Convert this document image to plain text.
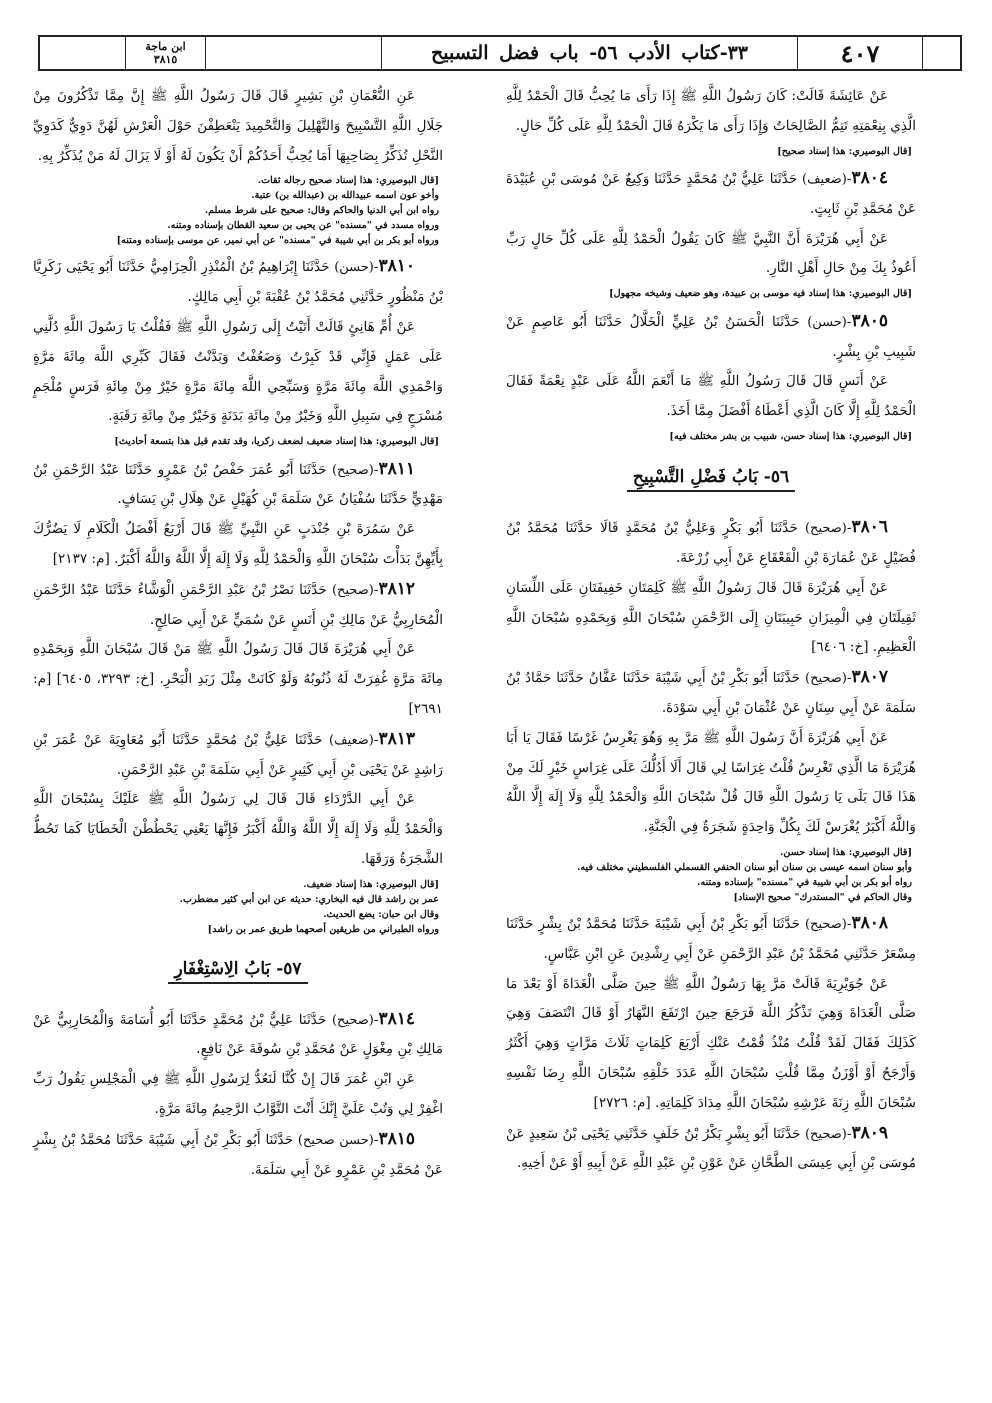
٤٠٧
٣٣-كتاب الأدب ٥٦- باب فضل التسبيح
ابن ماجة
٣٨١٥

عَنْ عَائِشَةَ قَالَتْ: كَانَ رَسُولُ اللَّهِ ﷺ إِذَا رَأَى مَا يُحِبُّ قَالَ الْحَمْدُ لِلَّهِ الَّذِي بِنِعْمَتِهِ تَتِمُّ الصَّالِحَاتُ وَإِذَا رَأَى مَا يَكْرَهُ قَالَ الْحَمْدُ لِلَّهِ عَلَى كُلِّ حَالٍ.

[قال البوصيري: هذا إسناد صحيح]

٣٨٠٤-(ضعيف) حَدَّثَنَا عَلِيُّ بْنُ مُحَمَّدٍ حَدَّثَنَا وَكِيعٌ عَنْ مُوسَى بْنِ عُبَيْدَةَ عَنْ مُحَمَّدِ بْنِ ثَابِتٍ.

عَنْ أَبِي هُرَيْرَةَ أَنَّ النَّبِيَّ ﷺ كَانَ يَقُولُ الْحَمْدُ لِلَّهِ عَلَى كُلِّ حَالٍ رَبِّ أَعُوذُ بِكَ مِنْ حَالِ أَهْلِ النَّارِ.

[قال البوصيري: هذا إسناد فيه موسى بن عبيدة، وهو ضعيف وشيخه مجهول]

٣٨٠٥-(حسن) حَدَّثَنَا الْحَسَنُ بْنُ عَلِيٍّ الْخَلَّالُ حَدَّثَنَا أَبُو عَاصِمٍ عَنْ شَبِيبِ بْنِ بِشْرٍ.

عَنْ أَنَسٍ قَالَ قَالَ رَسُولُ اللَّهِ ﷺ مَا أَنْعَمَ اللَّهُ عَلَى عَبْدٍ نِعْمَةً فَقَالَ الْحَمْدُ لِلَّهِ إِلَّا كَانَ الَّذِي أَعْطَاهُ أَفْضَلَ مِمَّا أَخَذَ.

[قال البوصيري: هذا إسناد حسن، شبيب بن بشر مختلف فيه]
٥٦- بَابُ فَضْلِ التَّسْبِيحِ

٣٨٠٦-(صحيح) حَدَّثَنَا أَبُو بَكْرٍ وَعَلِيُّ بْنُ مُحَمَّدٍ قَالَا حَدَّثَنَا مُحَمَّدُ بْنُ فُضَيْلٍ عَنْ عُمَارَةَ بْنِ الْقَعْقَاعِ عَنْ أَبِي زُرْعَةَ.

عَنْ أَبِي هُرَيْرَةَ قَالَ قَالَ رَسُولُ اللَّهِ ﷺ كَلِمَتَانِ خَفِيفَتَانِ عَلَى اللِّسَانِ ثَقِيلَتَانِ فِي الْمِيزَانِ حَبِيبَتَانِ إِلَى الرَّحْمَنِ سُبْحَانَ اللَّهِ وَبِحَمْدِهِ سُبْحَانَ اللَّهِ الْعَظِيمِ. [خ: ٦٤٠٦]

٣٨٠٧-(صحيح) حَدَّثَنَا أَبُو بَكْرِ بْنُ أَبِي شَيْبَةَ حَدَّثَنَا عَفَّانُ حَدَّثَنَا حَمَّادُ بْنُ سَلَمَةَ عَنْ أَبِي سِنَانٍ عَنْ عُثْمَانَ بْنِ أَبِي سَوْدَةَ.

عَنْ أَبِي هُرَيْرَةَ أَنَّ رَسُولَ اللَّهِ ﷺ مَرَّ بِهِ وَهُوَ يَغْرِسُ غَرْسًا فَقَالَ يَا أَبَا هُرَيْرَةَ مَا الَّذِي تَغْرِسُ قُلْتُ غِرَاسًا لِي قَالَ أَلَا أَدُلُّكَ عَلَى غِرَاسٍ خَيْرٍ لَكَ مِنْ هَذَا قَالَ بَلَى يَا رَسُولَ اللَّهِ قَالَ قُلْ سُبْحَانَ اللَّهِ وَالْحَمْدُ لِلَّهِ وَلَا إِلَهَ إِلَّا اللَّهُ وَاللَّهُ أَكْبَرُ يُغْرَسْ لَكَ بِكُلِّ وَاحِدَةٍ شَجَرَةٌ فِي الْجَنَّةِ.

[قال البوصيري: هذا إسناد حسن.
وأبو سنان اسمه عيسى بن سنان أبو سنان الحنفي القسملي الفلسطيني مختلف فيه.
رواه أبو بكر بن أبي شيبة في "مسنده" بإسناده ومتنه.
وقال الحاكم في "المستدرك" صحيح الإسناد]

٣٨٠٨-(صحيح) حَدَّثَنَا أَبُو بَكْرِ بْنُ أَبِي شَيْبَةَ حَدَّثَنَا مُحَمَّدُ بْنُ بِشْرٍ حَدَّثَنَا مِسْعَرٌ حَدَّثَنِي مُحَمَّدُ بْنُ عَبْدِ الرَّحْمَنِ عَنْ أَبِي رِشْدِينَ عَنِ ابْنِ عَبَّاسٍ.

عَنْ جُوَيْرِيَةَ قَالَتْ مَرَّ بِهَا رَسُولُ اللَّهِ ﷺ حِينَ صَلَّى الْغَدَاةَ أَوْ بَعْدَ مَا صَلَّى الْغَدَاةَ وَهِيَ تَذْكُرُ اللَّهَ فَرَجَعَ حِينَ ارْتَفَعَ النَّهَارُ أَوْ قَالَ انْتَصَفَ وَهِيَ كَذَلِكَ فَقَالَ لَقَدْ قُلْتُ مُنْذُ قُمْتُ عَنْكِ أَرْبَعَ كَلِمَاتٍ ثَلَاثَ مَرَّاتٍ وَهِيَ أَكْثَرُ وَأَرْجَحُ أَوْ أَوْزَنُ مِمَّا قُلْتِ سُبْحَانَ اللَّهِ عَدَدَ خَلْقِهِ سُبْحَانَ اللَّهِ رِضَا نَفْسِهِ سُبْحَانَ اللَّهِ زِنَةَ عَرْشِهِ سُبْحَانَ اللَّهِ مِدَادَ كَلِمَاتِهِ. [م: ٢٧٢٦]

٣٨٠٩-(صحيح) حَدَّثَنَا أَبُو بِشْرٍ بَكْرُ بْنُ خَلَفٍ حَدَّثَنِي يَحْيَى بْنُ سَعِيدٍ عَنْ مُوسَى بْنِ أَبِي عِيسَى الطَّحَّانِ عَنْ عَوْنِ بْنِ عَبْدِ اللَّهِ عَنْ أَبِيهِ أَوْ عَنْ أَخِيهِ.

عَنِ النُّعْمَانِ بْنِ بَشِيرٍ قَالَ قَالَ رَسُولُ اللَّهِ ﷺ إِنَّ مِمَّا تَذْكُرُونَ مِنْ جَلَالِ اللَّهِ التَّسْبِيحَ وَالتَّهْلِيلَ وَالتَّحْمِيدَ يَنْعَطِفْنَ حَوْلَ الْعَرْشِ لَهُنَّ دَوِيٌّ كَدَوِيِّ النَّحْلِ تُذَكِّرُ بِصَاحِبِهَا أَمَا يُحِبُّ أَحَدُكُمْ أَنْ يَكُونَ لَهُ أَوْ لَا يَزَالَ لَهُ مَنْ يُذَكِّرُ بِهِ.

[قال البوصيري: هذا إسناد صحيح رجاله ثقات.
وأخو عون اسمه عبيدالله بن (عبدالله بن) عتبة.
رواه ابن أبي الدنيا والحاكم وقال: صحيح على شرط مسلم.
ورواه مسدد في "مسنده" عن يحيى بن سعيد القطان بإسناده ومتنه.
ورواه أبو بكر بن أبي شيبة في "مسنده" عن أبي نمير، عن موسى بإسناده ومتنه]

٣٨١٠-(حسن) حَدَّثَنَا إِبْرَاهِيمُ بْنُ الْمُنْذِرِ الْحِزَامِيُّ حَدَّثَنَا أَبُو يَحْيَى زَكَرِيَّا بْنُ مَنْظُورٍ حَدَّثَنِي مُحَمَّدُ بْنُ عُقْبَةَ بْنِ أَبِي مَالِكٍ.

عَنْ أُمِّ هَانِئٍ قَالَتْ أَتَيْتُ إِلَى رَسُولِ اللَّهِ ﷺ فَقُلْتُ يَا رَسُولَ اللَّهِ دُلَّنِي عَلَى عَمَلٍ فَإِنِّي قَدْ كَبِرْتُ وَضَعُفْتُ وَبَدَّنْتُ فَقَالَ كَبِّرِي اللَّهَ مِائَةَ مَرَّةٍ وَاحْمَدِي اللَّهَ مِائَةَ مَرَّةٍ وَسَبِّحِي اللَّهَ مِائَةَ مَرَّةٍ خَيْرٌ مِنْ مِائَةِ فَرَسٍ مُلْجَمٍ مُسْرَجٍ فِي سَبِيلِ اللَّهِ وَخَيْرٌ مِنْ مِائَةِ بَدَنَةٍ وَخَيْرٌ مِنْ مِائَةِ رَقَبَةٍ.

[قال البوصيري: هذا إسناد ضعيف لضعف زكريا، وقد تقدم قبل هذا بتسعة أحاديث]

٣٨١١-(صحيح) حَدَّثَنَا أَبُو عُمَرَ حَفْصُ بْنُ عَمْرٍو حَدَّثَنَا عَبْدُ الرَّحْمَنِ بْنُ مَهْدِيٍّ حَدَّثَنَا سُفْيَانُ عَنْ سَلَمَةَ بْنِ كُهَيْلٍ عَنْ هِلَالِ بْنِ يَسَافٍ.

عَنْ سَمُرَةَ بْنِ جُنْدَبٍ عَنِ النَّبِيِّ ﷺ قَالَ أَرْبَعٌ أَفْضَلُ الْكَلَامِ لَا يَضُرُّكَ بِأَيِّهِنَّ بَدَأْتَ سُبْحَانَ اللَّهِ وَالْحَمْدُ لِلَّهِ وَلَا إِلَهَ إِلَّا اللَّهُ وَاللَّهُ أَكْبَرُ. [م: ٢١٣٧]

٣٨١٢-(صحيح) حَدَّثَنَا نَصْرُ بْنُ عَبْدِ الرَّحْمَنِ الْوَشَّاءُ حَدَّثَنَا عَبْدُ الرَّحْمَنِ الْمُحَارِبِيُّ عَنْ مَالِكِ بْنِ أَنَسٍ عَنْ سُمَيٍّ عَنْ أَبِي صَالِحٍ.

عَنْ أَبِي هُرَيْرَةَ قَالَ قَالَ رَسُولُ اللَّهِ ﷺ مَنْ قَالَ سُبْحَانَ اللَّهِ وَبِحَمْدِهِ مِائَةَ مَرَّةٍ غُفِرَتْ لَهُ ذُنُوبُهُ وَلَوْ كَانَتْ مِثْلَ زَبَدِ الْبَحْرِ. [خ: ٣٢٩٣، ٦٤٠٥] [م: ٢٦٩١]

٣٨١٣-(ضعيف) حَدَّثَنَا عَلِيُّ بْنُ مُحَمَّدٍ حَدَّثَنَا أَبُو مُعَاوِيَةَ عَنْ عُمَرَ بْنِ رَاشِدٍ عَنْ يَحْيَى بْنِ أَبِي كَثِيرٍ عَنْ أَبِي سَلَمَةَ بْنِ عَبْدِ الرَّحْمَنِ.

عَنْ أَبِي الدَّرْدَاءِ قَالَ قَالَ لِي رَسُولُ اللَّهِ ﷺ عَلَيْكَ بِسُبْحَانَ اللَّهِ وَالْحَمْدُ لِلَّهِ وَلَا إِلَهَ إِلَّا اللَّهُ وَاللَّهُ أَكْبَرُ فَإِنَّهَا يَعْنِي يَحْطُطْنَ الْخَطَايَا كَمَا تَحُطُّ الشَّجَرَةُ وَرَقَهَا.

[قال البوصيري: هذا إسناد ضعيف.
عمر بن راشد قال فيه البخاري: حديثه عن ابن أبي كثير مضطرب.
وقال ابن حبان: يضع الحديث.
ورواه الطبراني من طريقين أصحهما طريق عمر بن راشد]
٥٧- بَابُ الِاسْتِغْفَارِ

٣٨١٤-(صحيح) حَدَّثَنَا عَلِيُّ بْنُ مُحَمَّدٍ حَدَّثَنَا أَبُو أُسَامَةَ وَالْمُحَارِبِيُّ عَنْ مَالِكِ بْنِ مِغْوَلٍ عَنْ مُحَمَّدِ بْنِ سُوقَةَ عَنْ نَافِعٍ.

عَنِ ابْنِ عُمَرَ قَالَ إِنْ كُنَّا لَنَعُدُّ لِرَسُولِ اللَّهِ ﷺ فِي الْمَجْلِسِ يَقُولُ رَبِّ اغْفِرْ لِي وَتُبْ عَلَيَّ إِنَّكَ أَنْتَ التَّوَّابُ الرَّحِيمُ مِائَةَ مَرَّةٍ.

٣٨١٥-(حسن صحيح) حَدَّثَنَا أَبُو بَكْرِ بْنُ أَبِي شَيْبَةَ حَدَّثَنَا مُحَمَّدُ بْنُ بِشْرٍ عَنْ مُحَمَّدِ بْنِ عَمْرٍو عَنْ أَبِي سَلَمَةَ.
